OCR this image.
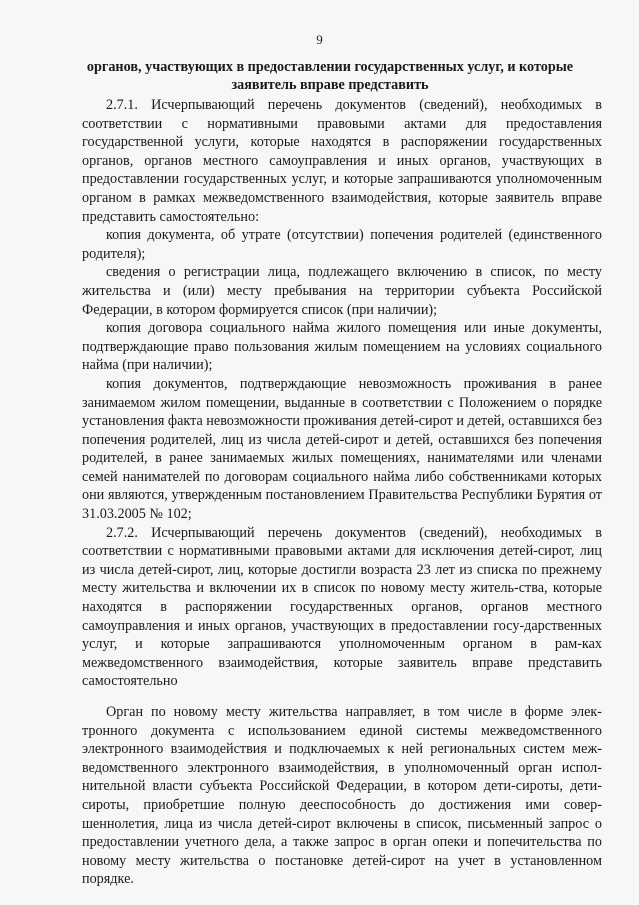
9
органов, участвующих в предоставлении государственных услуг, и которые заявитель вправе представить

2.7.1. Исчерпывающий перечень документов (сведений), необходимых в соответствии с нормативными правовыми актами для предоставления государственной услуги, которые находятся в распоряжении государственных органов, органов местного самоуправления и иных органов, участвующих в предоставлении государственных услуг, и которые запрашиваются уполномоченным органом в рамках межведомственного взаимодействия, которые заявитель вправе представить самостоятельно:

копия документа, об утрате (отсутствии) попечения родителей (единственного родителя);

сведения о регистрации лица, подлежащего включению в список, по месту жительства и (или) месту пребывания на территории субъекта Российской Федерации, в котором формируется список (при наличии);

копия договора социального найма жилого помещения или иные документы, подтверждающие право пользования жилым помещением на условиях социального найма (при наличии);

копия документов, подтверждающие невозможность проживания в ранее занимаемом жилом помещении, выданные в соответствии с Положением о порядке установления факта невозможности проживания детей-сирот и детей, оставшихся без попечения родителей, лиц из числа детей-сирот и детей, оставшихся без попечения родителей, в ранее занимаемых жилых помещениях, нанимателями или членами семей нанимателей по договорам социального найма либо собственниками которых они являются, утвержденным постановлением Правительства Республики Бурятия от 31.03.2005 № 102;

2.7.2. Исчерпывающий перечень документов (сведений), необходимых в соответствии с нормативными правовыми актами для исключения детей-сирот, лиц из числа детей-сирот, лиц, которые достигли возраста 23 лет из списка по прежнему месту жительства и включении их в список по новому месту житель-ства, которые находятся в распоряжении государственных органов, органов местного самоуправления и иных органов, участвующих в предоставлении госу-дарственных услуг, и которые запрашиваются уполномоченным органом в рам-ках межведомственного взаимодействия, которые заявитель вправе представить самостоятельно

Орган по новому месту жительства направляет, в том числе в форме элек-тронного документа с использованием единой системы межведомственного электронного взаимодействия и подключаемых к ней региональных систем меж-ведомственного электронного взаимодействия, в уполномоченный орган испол-нительной власти субъекта Российской Федерации, в котором дети-сироты, дети-сироты, приобретшие полную дееспособность до достижения ими совер-шеннолетия, лица из числа детей-сирот включены в список, письменный запрос о предоставлении учетного дела, а также запрос в орган опеки и попечительства по новому месту жительства о постановке детей-сирот на учет в установленном порядке.
